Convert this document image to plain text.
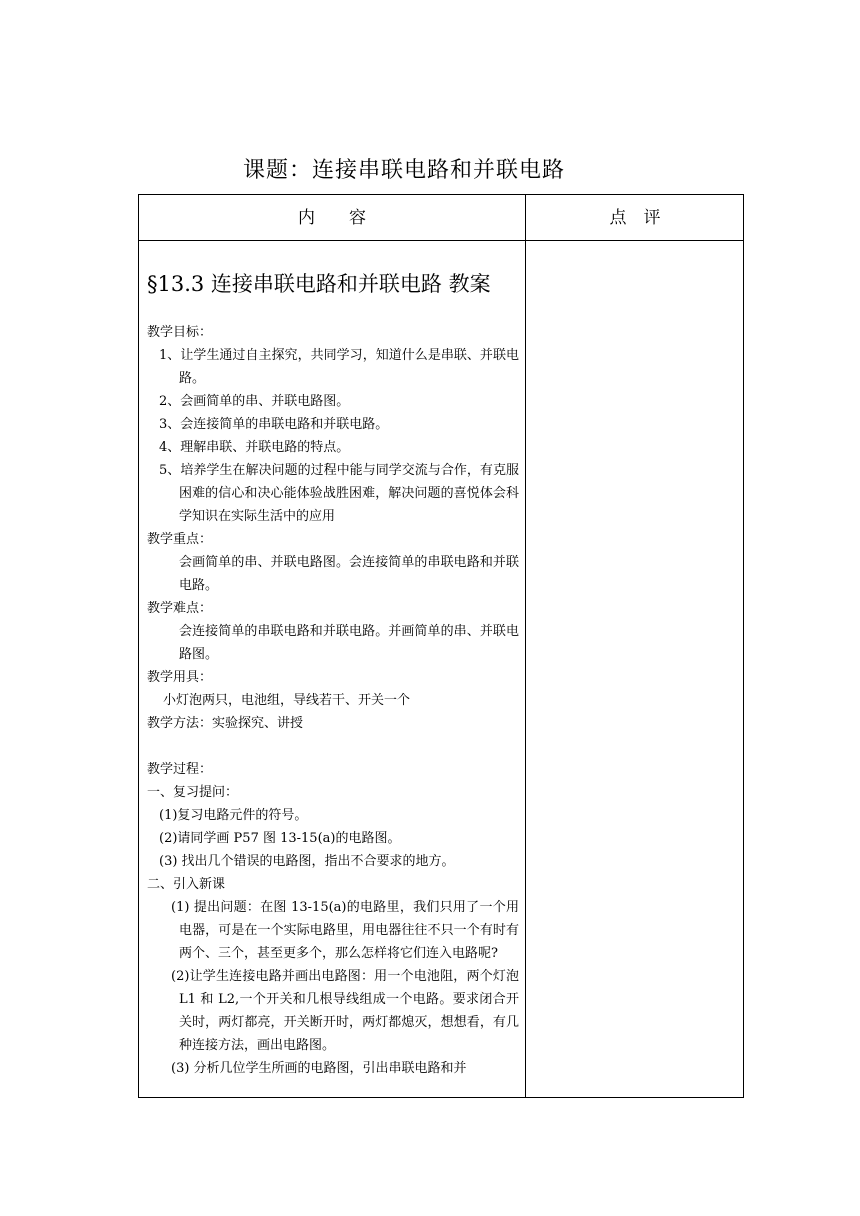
课题：连接串联电路和并联电路
内　　容	点　评
§13.3 连接串联电路和并联电路 教案

教学目标：

1、让学生通过自主探究，共同学习，知道什么是串联、并联电路。

2、会画简单的串、并联电路图。

3、会连接简单的串联电路和并联电路。

4、理解串联、并联电路的特点。

5、培养学生在解决问题的过程中能与同学交流与合作，有克服困难的信心和决心能体验战胜困难，解决问题的喜悦体会科学知识在实际生活中的应用

教学重点：

会画简单的串、并联电路图。会连接简单的串联电路和并联电路。

教学难点：

会连接简单的串联电路和并联电路。并画简单的串、并联电路图。

教学用具：

小灯泡两只，电池组，导线若干、开关一个

教学方法：实验探究、讲授

教学过程：

一、复习提问：

(1)复习电路元件的符号。

(2)请同学画 P57 图 13-15(a)的电路图。

(3) 找出几个错误的电路图，指出不合要求的地方。

二、引入新课

(1) 提出问题：在图 13-15(a)的电路里，我们只用了一个用电器，可是在一个实际电路里，用电器往往不只一个有时有两个、三个，甚至更多个，那么怎样将它们连入电路呢?

(2)让学生连接电路并画出电路图：用一个电池阻，两个灯泡 L1 和 L2,一个开关和几根导线组成一个电路。要求闭合开关时，两灯都亮，开关断开时，两灯都熄灭，想想看，有几种连接方法，画出电路图。

(3) 分析几位学生所画的电路图，引出串联电路和并
